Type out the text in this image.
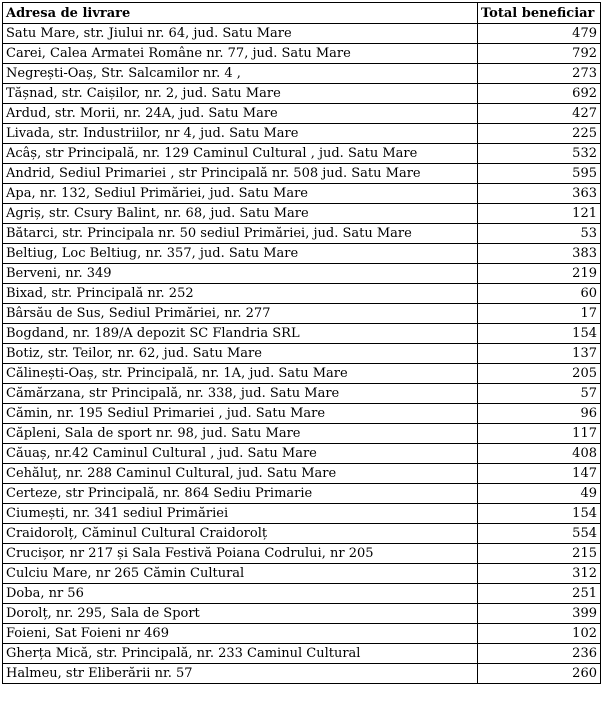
Adresa de livrare	Total beneficiar
Satu Mare, str. Jiului nr. 64, jud. Satu Mare	479
Carei, Calea Armatei Române nr. 77, jud. Satu Mare	792
Negrești-Oaș, Str. Salcamilor nr. 4 ,	273
Tășnad, str. Caișilor, nr. 2, jud. Satu Mare	692
Ardud, str. Morii, nr. 24A, jud. Satu Mare	427
Livada, str. Industriilor, nr 4, jud. Satu Mare	225
Acâș, str Principală, nr. 129 Caminul Cultural , jud. Satu Mare	532
Andrid, Sediul Primariei , str Principală nr. 508 jud. Satu Mare	595
Apa, nr. 132, Sediul Primăriei, jud. Satu Mare	363
Agriș, str. Csury Balint, nr. 68, jud. Satu Mare	121
Bătarci, str. Principala nr. 50 sediul Primăriei, jud. Satu Mare	53
Beltiug, Loc Beltiug, nr. 357, jud. Satu Mare	383
Berveni, nr. 349	219
Bixad, str. Principală nr. 252	60
Bârsău de Sus, Sediul Primăriei, nr. 277	17
Bogdand, nr. 189/A depozit SC Flandria SRL	154
Botiz, str. Teilor, nr. 62, jud. Satu Mare	137
Călinești-Oaș, str. Principală, nr. 1A, jud. Satu Mare	205
Cămărzana, str Principală, nr. 338, jud. Satu Mare	57
Cămin, nr. 195 Sediul Primariei , jud. Satu Mare	96
Căpleni, Sala de sport nr. 98, jud. Satu Mare	117
Căuaș, nr.42 Caminul Cultural , jud. Satu Mare	408
Cehăluț, nr. 288 Caminul Cultural, jud. Satu Mare	147
Certeze, str Principală, nr. 864 Sediu Primarie	49
Ciumești, nr. 341 sediul Primăriei	154
Craidorolț, Căminul Cultural Craidorolț	554
Crucișor, nr 217 și Sala Festivă Poiana Codrului, nr 205	215
Culciu Mare, nr 265 Cămin Cultural	312
Doba, nr 56	251
Dorolț, nr. 295, Sala de Sport	399
Foieni, Sat Foieni nr 469	102
Gherța Mică, str. Principală, nr. 233 Caminul Cultural	236
Halmeu, str Eliberării nr. 57	260
